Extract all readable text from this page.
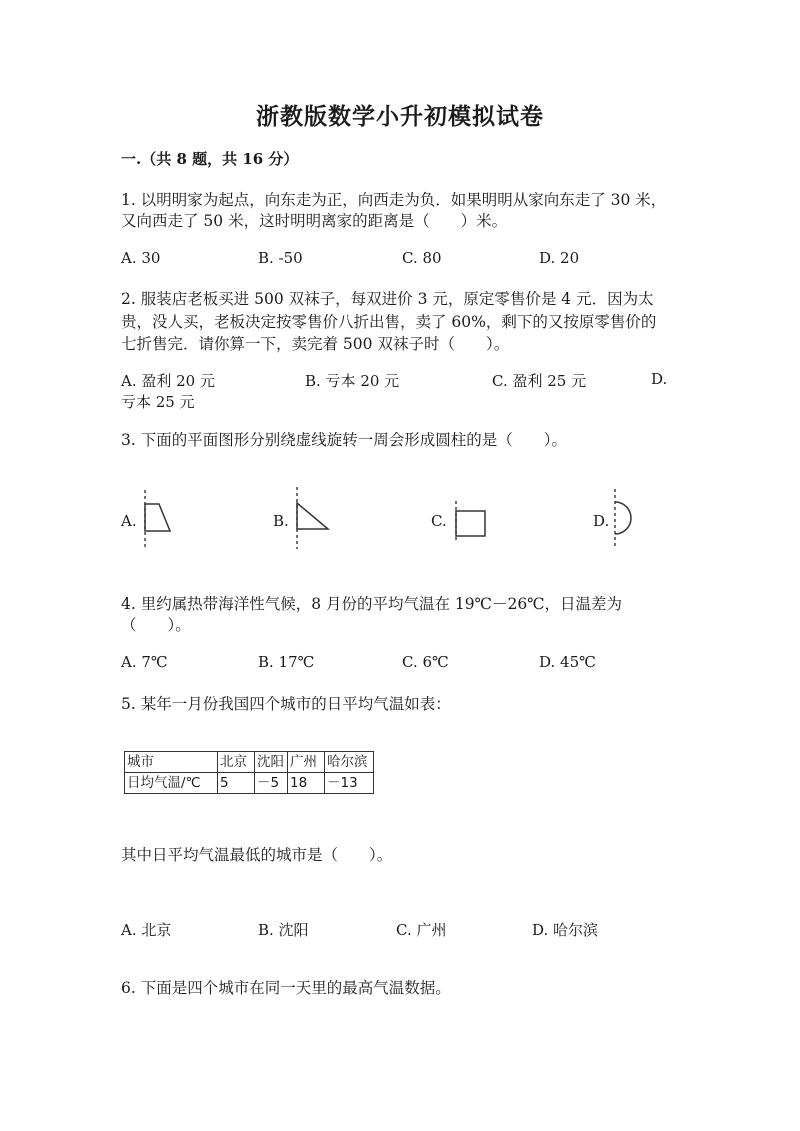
浙教版数学小升初模拟试卷
一.（共 8 题，共 16 分）
1. 以明明家为起点，向东走为正，向西走为负．如果明明从家向东走了 30 米，
又向西走了 50 米，这时明明离家的距离是（　　）米。
A. 30	B. -50	C. 80	D. 20
2. 服装店老板买进 500 双袜子，每双进价 3 元，原定零售价是 4 元．因为太
贵，没人买，老板决定按零售价八折出售，卖了 60%，剩下的又按原零售价的
七折售完．请你算一下，卖完着 500 双袜子时（　　）。
A. 盈利 20 元	B. 亏本 20 元	C. 盈利 25 元	D.
亏本 25 元
3. 下面的平面图形分别绕虚线旋转一周会形成圆柱的是（　　）。
A.	B.	C.	D.
4. 里约属热带海洋性气候，8 月份的平均气温在 19℃－26℃，日温差为
（　　）。
A. 7℃	B. 17℃	C. 6℃	D. 45℃
5. 某年一月份我国四个城市的日平均气温如表：
城市	北京	沈阳	广州	哈尔滨
日均气温/℃	5	－5	18	－13
其中日平均气温最低的城市是（　　）。
A. 北京	B. 沈阳	C. 广州	D. 哈尔滨
6. 下面是四个城市在同一天里的最高气温数据。
